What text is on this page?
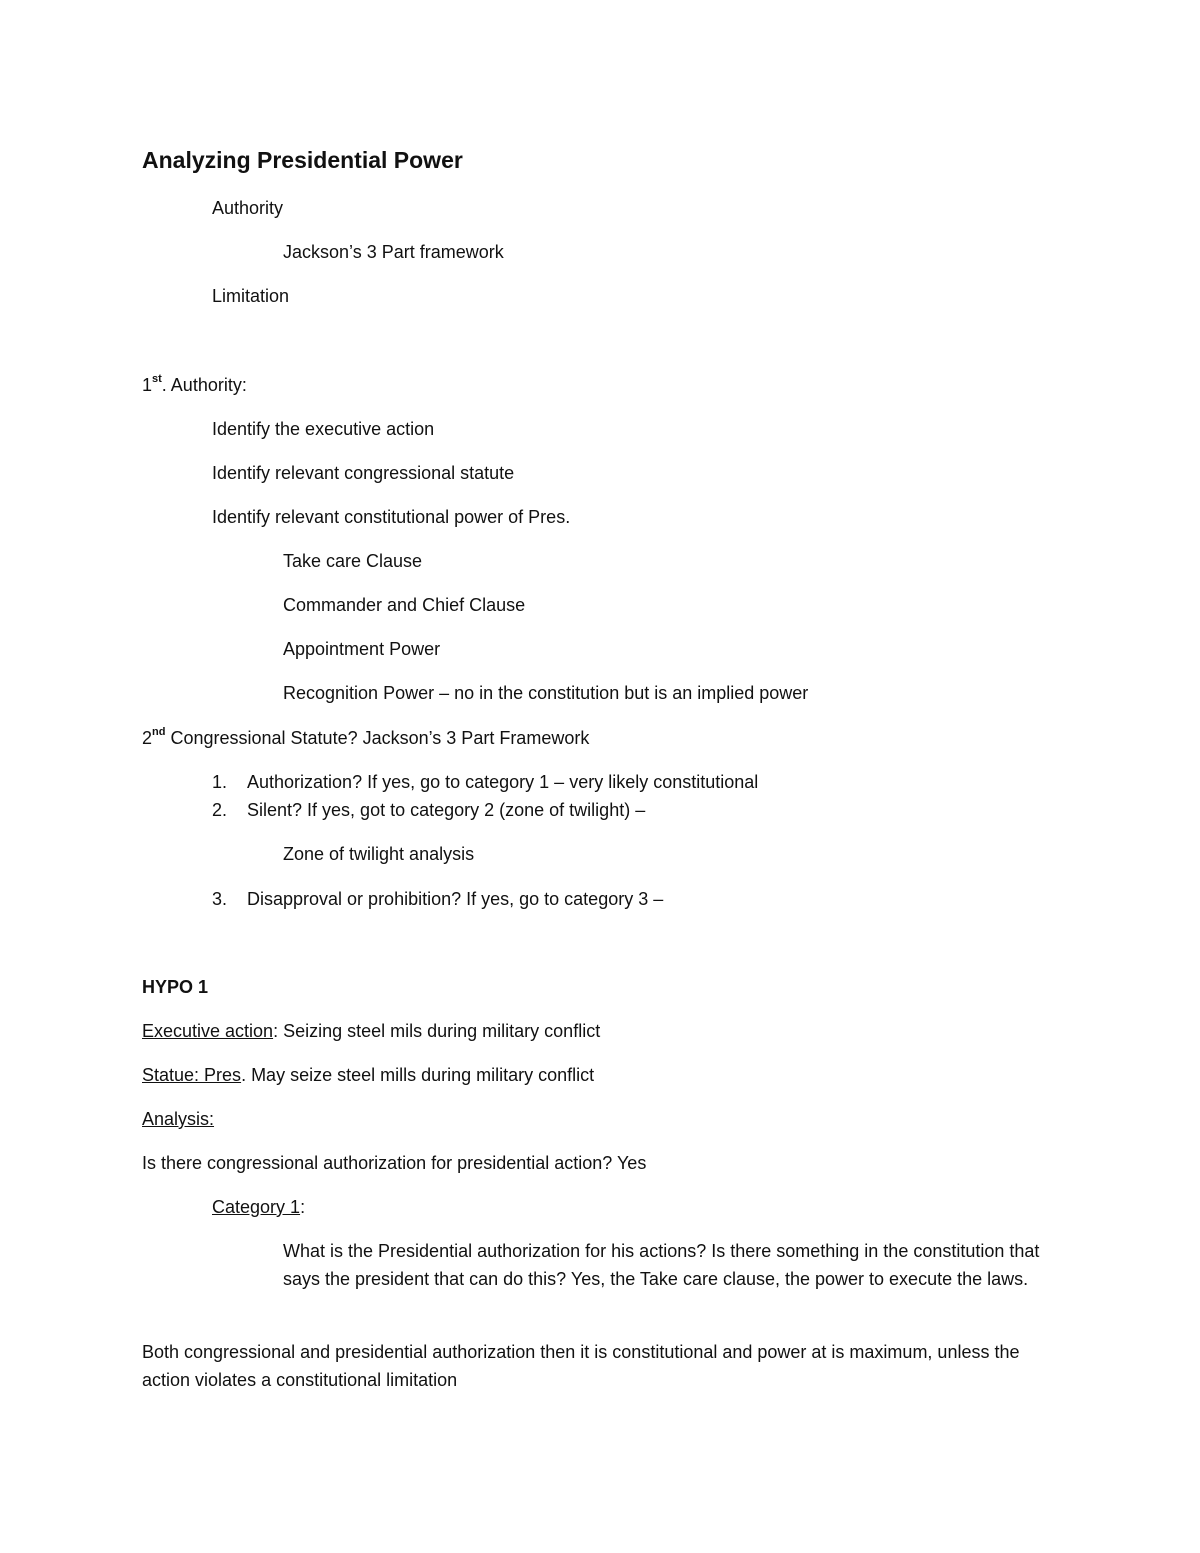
Analyzing Presidential Power
Authority
Jackson’s 3 Part framework
Limitation
1st. Authority:
Identify the executive action
Identify relevant congressional statute
Identify relevant constitutional power of Pres.
Take care Clause
Commander and Chief Clause
Appointment Power
Recognition Power – no in the constitution but is an implied power
2nd Congressional Statute? Jackson’s 3 Part Framework
1. Authorization? If yes, go to category 1 – very likely constitutional
2. Silent? If yes, got to category 2 (zone of twilight) –
Zone of twilight analysis
3. Disapproval or prohibition? If yes, go to category 3 –
HYPO 1
Executive action: Seizing steel mils during military conflict
Statue: Pres. May seize steel mills during military conflict
Analysis:
Is there congressional authorization for presidential action? Yes
Category 1:
What is the Presidential authorization for his actions? Is there something in the constitution that says the president that can do this? Yes, the Take care clause, the power to execute the laws.
Both congressional and presidential authorization then it is constitutional and power at is maximum, unless the action violates a constitutional limitation
